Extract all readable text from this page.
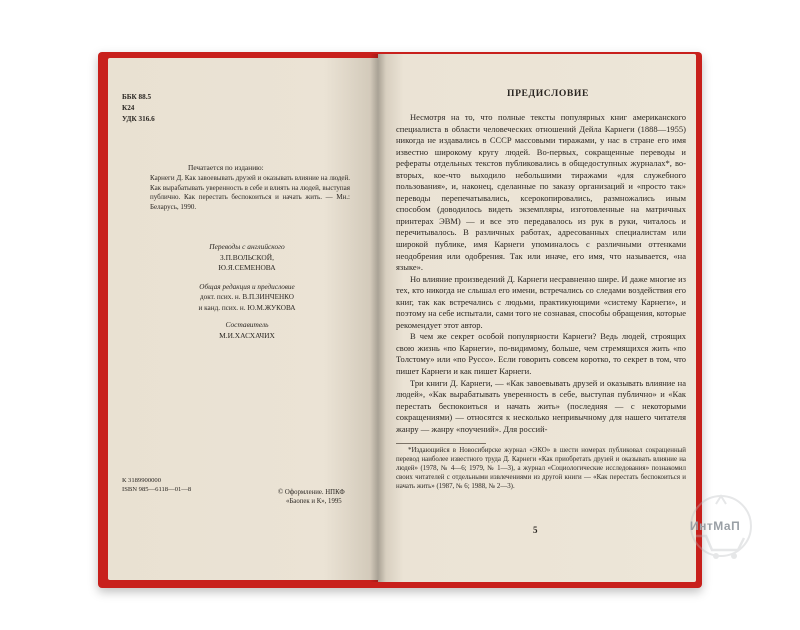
ББК 88.5
К24
УДК 316.6
Печатается по изданию:
Карнеги Д. Как завоевывать друзей и оказывать влияние на людей. Как вырабатывать уверенность в себе и влиять на людей, выступая публично. Как перестать беспокоиться и начать жить. — Мн.: Беларусь, 1990.
Переводы с английского
З.П.ВОЛЬСКОЙ,
Ю.Я.СЕМЕНОВА
Общая редакция и предисловие
докт. псих. н. В.П.ЗИНЧЕНКО
и канд. псих. н. Ю.М.ЖУКОВА
Составитель
М.И.ХАСХАЧИХ
К 3189900000
ISBN 985—6118—01—8	© Оформление. НПКФ
«Баопек и К», 1995
ПРЕДИСЛОВИЕ

Несмотря на то, что полные тексты популярных книг американского специалиста в области человеческих отношений Дейла Карнеги (1888—1955) никогда не издавались в СССР массовыми тиражами, у нас в стране его имя известно широкому кругу людей. Во-первых, сокращенные переводы и рефераты отдельных текстов публиковались в общедоступных журналах*, во-вторых, кое-что выходило небольшими тиражами «для служебного пользования», и, наконец, сделанные по заказу организаций и «просто так» переводы перепечатывались, ксерокопировались, размножались иным способом (доводилось видеть экземпляры, изготовленные на матричных принтерах ЭВМ) — и все это передавалось из рук в руки, читалось и перечитывалось. В различных работах, адресованных специалистам или широкой публике, имя Карнеги упоминалось с различными оттенками неодобрения или одобрения. Так или иначе, его имя, что называется, «на языке».

Но влияние произведений Д. Карнеги несравненно шире. И даже многие из тех, кто никогда не слышал его имени, встречались со следами воздействия его книг, так как встречались с людьми, практикующими «систему Карнеги», и поэтому на себе испытали, сами того не сознавая, способы обращения, которые рекомендует этот автор.

В чем же секрет особой популярности Карнеги? Ведь людей, строящих свою жизнь «по Карнеги», по-видимому, больше, чем стремящихся жить «по Толстому» или «по Руссо». Если говорить совсем коротко, то секрет в том, что пишет Карнеги и как пишет Карнеги.

Три книги Д. Карнеги, — «Как завоевывать друзей и оказывать влияние на людей», «Как вырабатывать уверенность в себе, выступая публично» и «Как перестать беспокоиться и начать жить» (последняя — с некоторыми сокращениями) — относятся к несколько непривычному для нашего читателя жанру — жанру «поучений». Для россий-

*Издающийся в Новосибирске журнал «ЭКО» в шести номерах публиковал сокращенный перевод наиболее известного труда Д. Карнеги «Как приобретать друзей и оказывать влияние на людей» (1978, № 4—6; 1979, № 1—3), а журнал «Социологические исследования» познакомил своих читателей с отдельными извлечениями из другой книги — «Как перестать беспокоиться и начать жить» (1987, № 6; 1988, № 2—3).

5	ИнтМаП
